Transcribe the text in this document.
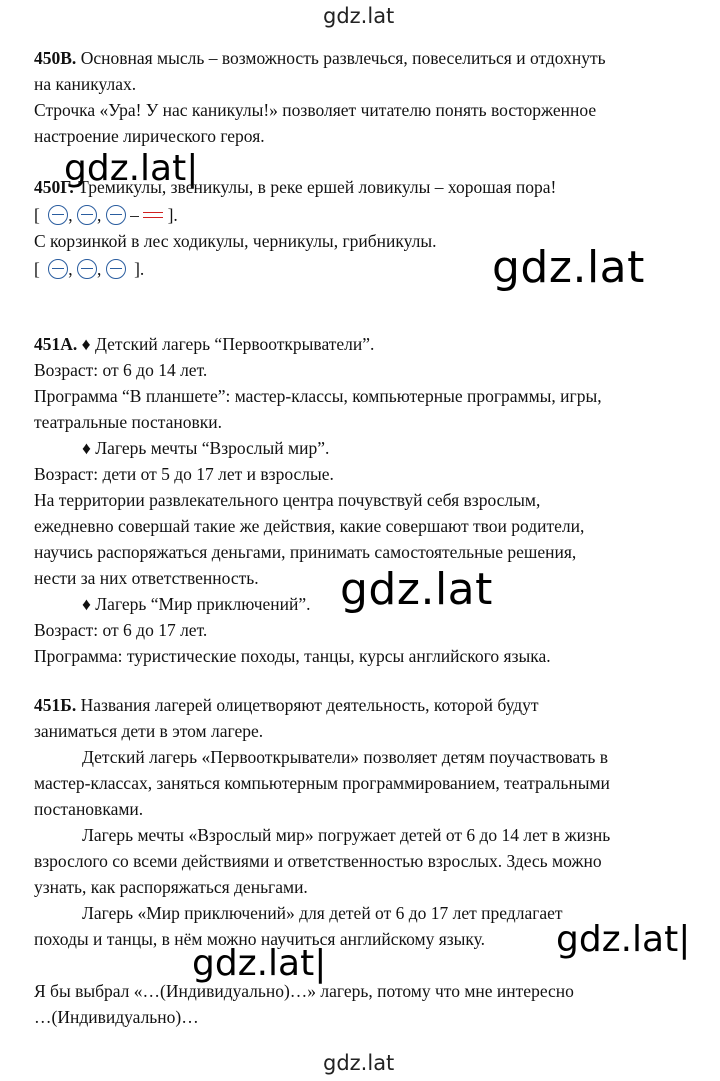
gdz.lat
gdz.lat|
gdz.lat
gdz.lat
gdz.lat|
gdz.lat|
gdz.lat
450В. Основная мысль – возможность развлечься, повеселиться и отдохнуть
на каникулах.
Строчка «Ура! У нас каникулы!» позволяет читателю понять восторженное
настроение лирического героя.
450Г. Тремикулы, звеникулы, в реке ершей ловикулы – хорошая пора!
[ , , – ].
С корзинкой в лес ходикулы, черникулы, грибникулы.
[ , , ].
451А. ♦ Детский лагерь “Первооткрыватели”.
Возраст: от 6 до 14 лет.
Программа “В планшете”: мастер-классы, компьютерные программы, игры,
театральные постановки.
♦ Лагерь мечты “Взрослый мир”.
Возраст: дети от 5 до 17 лет и взрослые.
На территории развлекательного центра почувствуй себя взрослым,
ежедневно совершай такие же действия, какие совершают твои родители,
научись распоряжаться деньгами, принимать самостоятельные решения,
нести за них ответственность.
♦ Лагерь “Мир приключений”.
Возраст: от 6 до 17 лет.
Программа: туристические походы, танцы, курсы английского языка.
451Б. Названия лагерей олицетворяют деятельность, которой будут
заниматься дети в этом лагере.
Детский лагерь «Первооткрыватели» позволяет детям поучаствовать в
мастер-классах, заняться компьютерным программированием, театральными
постановками.
Лагерь мечты «Взрослый мир» погружает детей от 6 до 14 лет в жизнь
взрослого со всеми действиями и ответственностью взрослых. Здесь можно
узнать, как распоряжаться деньгами.
Лагерь «Мир приключений» для детей от 6 до 17 лет предлагает
походы и танцы, в нём можно научиться английскому языку.
Я бы выбрал «…(Индивидуально)…» лагерь, потому что мне интересно
…(Индивидуально)…
